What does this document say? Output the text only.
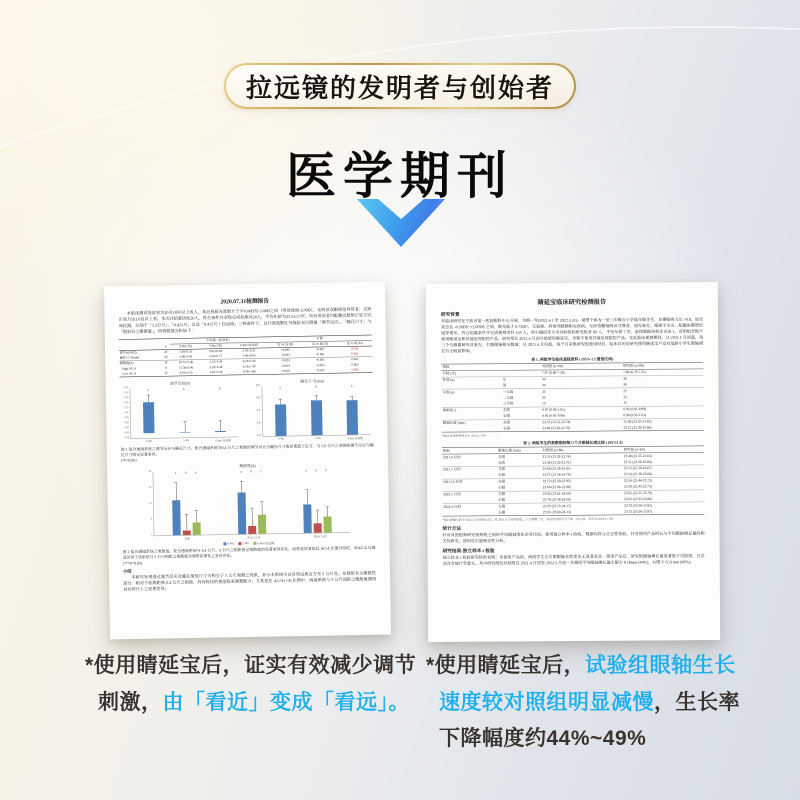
拉远镜的发明者与创始者
医学期刊
2020.07.31检测报告
本临床测试受试者为20名18岁以上成人，其近视屈光度数介于平0.00D至-3.00D之间（等效球面-2.00D），无明显双眼视觉异常者、且矫正视力达1.0及以上者。本次共招募试验20人，符合条件并全程完成检测共20人，平均年龄为23.5±3.7岁。所有受试者均配戴完整矫正处方完成检测，分别于「3.3公尺」、「0.4公尺」以及「0.4公尺＋拉远镜」三种条件下，以开放视野红外线验光仪测量「调节反应」、「瞳孔尺寸」与「隐斜位之聚散量」，所得数值分析如下：
		平均值（标准差）			P 值		
	n	0.4m (近)	5.0m (远)	0.4m+拉远镜	近 vs 远 (D)	近 vs 镜 (D)	远 vs 镜 (D)
调节反应(D)	20	1.48±0.33	0.82±0.28	0.93±0.32	<0.001	<0.001	0.046
瞳孔尺寸(mm)	20	4.98±0.59	5.55±0.77	5.46±0.69	<0.001	<0.001	0.064
聚散度(Δ)	20	10.72±5.46	1.15±4.59	6.19±5.40	<0.001	<0.001	0.002
high AC/A	8	13.38±6.46	2.18±4.28	6.18±7.40	<0.001	<0.001	0.002
Low AC/A	12	8.95±4.15	3.02±3.30	6.58±3.86	<0.001	<0.001	0.082
调节反应(D)
2.25
2.00
1.75
1.50
1.25
1.00
0.75
0.50
0.25
0.00
-0.25
a	b	b
0.4m	5.0m	0.4m+拉远镜
瞳孔尺寸(mm)
8.00
6.00
4.00
2.00
0.00
a	b	b
0.4m	5.0m	0.4m+拉远镜
图 1 复合透镜系统之调节反应与瞳孔尺寸。复合透镜系统为0.4 公尺之观测的调节反应与瞳孔尺寸皆显著低于近方；与 5.0 公尺之观测的调节反应与瞳孔尺寸则无显著差异。
(*P<0.05)
聚散度(Δ)
20
15
10
5
0
a b a	a b c	a b b
全体	高 AC/A 比	低 AC/A 比
0.4m 5.0m 0.4m+拉远镜
图 2 复合透镜系统之聚散度。复合透镜系统与 0.4 公尺、5 公尺之相距皆呈聚散度的显著差异存在。而将受试者依其 AC/A 比值分组时，高AC/A 比值受试者于该系统与 5 公尺相距之聚散度亦测得显著性之差异存在。
(***P<0.05)
小结 本研究发现透过调节反应及瞳孔缩放尺寸可相当于 5 公尺观测之现象，显示本系统可以有效远离近方至 5 公尺处。在观察有关聚散性部分：相对于检测距离 0.4 公尺之相距，具有较佳的视觉收束调整能力；尤其是在 AC/A (>4) 比例中，两镜系统与 5 公尺视距之聚散量测得具有统计上之显著差异。
睛延宝临床研究检测报告
研究背景
本临床研究在宁波市第一医院眼科中心开展，为期一年(2021.4.1 至 2022.3.31)。观察个体为一至三年级点小学低年级学生，其裸眼视力达 >0.8，屈光状态在 -0.50DS~+2.00DS 之间，散光低于 0.75DC，无弱视、斜视等眼睛相关疾病，无经常戴镜阅读习惯者、屈光参差、眼部手术史、配戴角膜塑形镜等情形，符合招募条件并完成观察者共 120 人。其中随机等分为对照组和研究组各 60 人，平均年龄 7 岁，基线数据资料详见表 1。对照组全程不使用睛延宝和其他近视防控产品，研究组从 2021.4 月初开始使用睛延宝，全程不使用其他近视防控产品。在此临床观察期间，从 2021.1 月初起，每三个月测量研究对象左、右眼眼轴相关数值；从 2021.4 月份起，每个月采集研究组使用时长，临床目的是研究使用睛延宝产品对低龄小学生眼轴增长有无明显影响。
表 1. 两组学生临床基线资料 t (95% CI 置信区间)
指标		对照组 (n=60)	研究组 (n=60)
年龄 (岁)		7.07 (6.86-7.28)	7.08 (6.79-7.21)
性别 (n)	女	30	30
	男	30	30
年级 (n)	一年级	25	25
	二年级	22	22
	三年级	13	13
裸眼视力	左眼	0.97 (0.92-1.01)	0.95 (0.91-0.99)
	右眼	0.95 (0.91-0.98)	0.98 (0.95-1.01)
眼轴长度 (mm)	左眼	23.53 (23.32-23.74)	23.49 (23.35-23.63)
	右眼	23.48 (23.26-23.70)	23.51 (23.36-23.66)
*临床基线资料统计于 2021.4 月份
表 2. 两组学生的观察期间每三个月眼轴长度比较 t (95%CI)
指标	眼轴长度 (mm)	对照组 (n=60)	研究组 (n=60)
2021.4 月初	左眼	23.53 (23.32-23.74)	23.49 (23.35-23.63)
	右眼	23.48 (23.26-23.70)	23.51 (23.36-23.66)
2021.7 月初	左眼	23.60 (23.39-23.81)	23.53 (23.39-23.67)
	右眼	23.57 (23.34-23.79)	23.54 (23.39-23.68)
2021.10 月初	左眼	23.72 (23.50-23.93)	23.58 (23.44-23.72)
	右眼	23.68 (23.46-23.90)	23.59 (23.45-23.73)
2022.1 月初	左眼	23.82 (23.61-24.04)	23.65 (23.51-23.79)
	右眼	23.78 (23.56-24.00)	23.65 (23.52-23.80)
2022.4 月初	左眼	23.95 (23.72-24.17)	23.70 (23.56-23.85)
	右眼	23.91 (23.68-24.13)	23.72 (23.58-23.87)
*最后测量实施于 2022.5 月初(第11次)；自 2021.4 月初开始每三个月测量一次，各次均安排在当月第一周完成，末次为 2022.4 月初
统计方法
针对对照组和研究组两组之间的平均眼轴变化差异比较，使用独立样本 t 检验，数据均符合正态性检验。针对使用产品时长与平均眼轴增长量的相关性研究，使用皮尔逊相关性分析。
研究结果-独立样本 t 检验
独立样本 t 检验研究结果表明：未使用产品前，两组学生左右眼眼轴长度变化无显著差异；使用产品后，研究组眼轴增长量显著低于对照组，且差异具有统计学意义。其中研究组较对照组自 2021.4 月初至 2022.3 月底一年期间平均眼轴增长量左眼少 0.18mm (44%)，右眼少 0.21mm (49%)。
*使用睛延宝后，证实有效减少调节
刺激，由「看近」变成「看远」。
*使用睛延宝后，试验组眼轴生长
速度较对照组明显减慢，生长率
下降幅度约44%~49%
